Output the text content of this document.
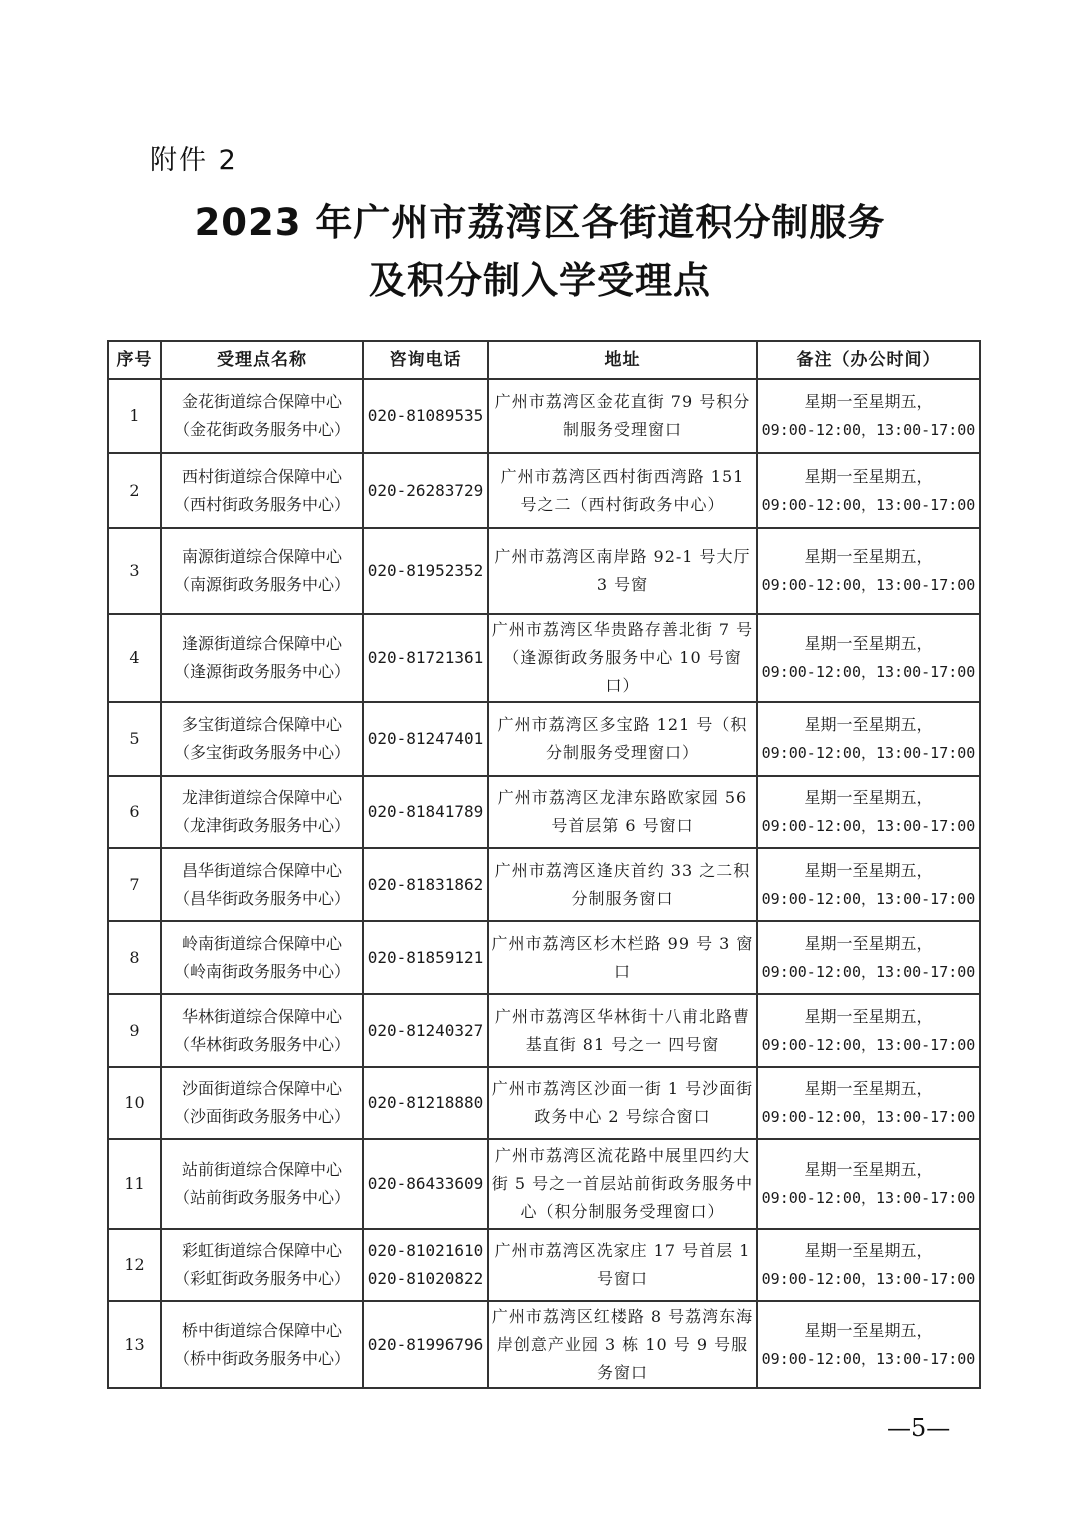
附件 2
2023 年广州市荔湾区各街道积分制服务
及积分制入学受理点
序号	受理点名称	咨询电话	地址	备注（办公时间）
1	金花街道综合保障中心
（金花街政务服务中心）	020-81089535	广州市荔湾区金花直街 79 号积分制服务受理窗口	星期一至星期五，
09:00-12:00，13:00-17:00

2	西村街道综合保障中心
（西村街政务服务中心）	020-26283729	广州市荔湾区西村街西湾路 151 号之二（西村街政务中心）	星期一至星期五，
09:00-12:00，13:00-17:00

3	南源街道综合保障中心
（南源街政务服务中心）	020-81952352	广州市荔湾区南岸路 92-1 号大厅 3 号窗	星期一至星期五，
09:00-12:00，13:00-17:00

4	逢源街道综合保障中心
（逢源街政务服务中心）	020-81721361	广州市荔湾区华贵路存善北街 7 号（逢源街政务服务中心 10 号窗口）	星期一至星期五，
09:00-12:00，13:00-17:00

5	多宝街道综合保障中心
（多宝街政务服务中心）	020-81247401	广州市荔湾区多宝路 121 号（积分制服务受理窗口）	星期一至星期五，
09:00-12:00，13:00-17:00

6	龙津街道综合保障中心
（龙津街政务服务中心）	020-81841789	广州市荔湾区龙津东路欧家园 56 号首层第 6 号窗口	星期一至星期五，
09:00-12:00，13:00-17:00

7	昌华街道综合保障中心
（昌华街政务服务中心）	020-81831862	广州市荔湾区逢庆首约 33 之二积分制服务窗口	星期一至星期五，
09:00-12:00，13:00-17:00

8	岭南街道综合保障中心
（岭南街政务服务中心）	020-81859121	广州市荔湾区杉木栏路 99 号 3 窗口	星期一至星期五，
09:00-12:00，13:00-17:00

9	华林街道综合保障中心
（华林街政务服务中心）	020-81240327	广州市荔湾区华林街十八甫北路曹基直街 81 号之一 四号窗	星期一至星期五，
09:00-12:00，13:00-17:00

10	沙面街道综合保障中心
（沙面街政务服务中心）	020-81218880	广州市荔湾区沙面一街 1 号沙面街政务中心 2 号综合窗口	星期一至星期五，
09:00-12:00，13:00-17:00

11	站前街道综合保障中心
（站前街政务服务中心）	020-86433609	广州市荔湾区流花路中展里四约大街 5 号之一首层站前街政务服务中心（积分制服务受理窗口）	星期一至星期五，
09:00-12:00，13:00-17:00

12	彩虹街道综合保障中心
（彩虹街政务服务中心）	020-81021610
020-81020822	广州市荔湾区冼家庄 17 号首层 1 号窗口	星期一至星期五，
09:00-12:00，13:00-17:00

13	桥中街道综合保障中心
（桥中街政务服务中心）	020-81996796	广州市荔湾区红楼路 8 号荔湾东海岸创意产业园 3 栋 10 号 9 号服务窗口	星期一至星期五，
09:00-12:00，13:00-17:00
—5—
